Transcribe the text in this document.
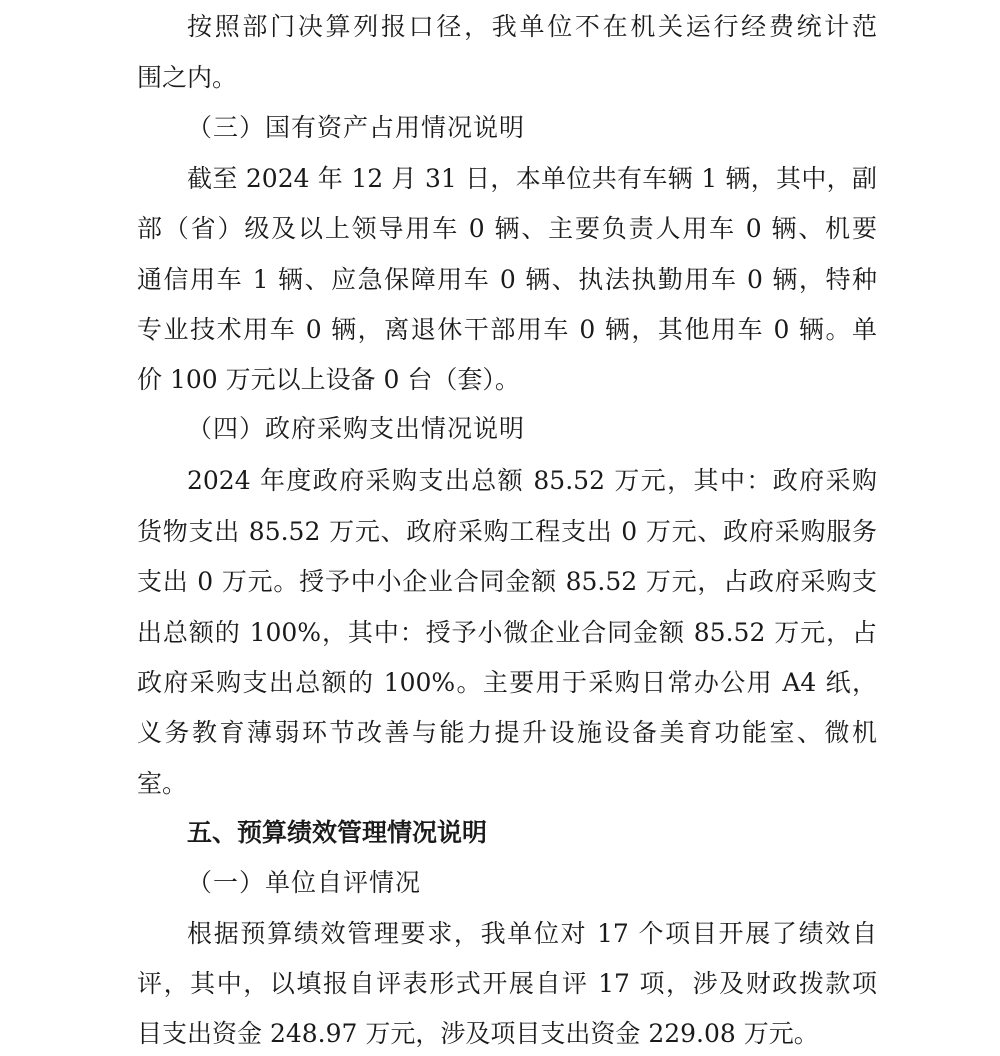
按照部门决算列报口径，我单位不在机关运行经费统计范
围之内。
（三）国有资产占用情况说明
截至 2024 年 12 月 31 日，本单位共有车辆 1 辆，其中，副
部（省）级及以上领导用车 0 辆、主要负责人用车 0 辆、机要
通信用车 1 辆、应急保障用车 0 辆、执法执勤用车 0 辆，特种
专业技术用车 0 辆，离退休干部用车 0 辆，其他用车 0 辆。单
价 100 万元以上设备 0 台（套）。
（四）政府采购支出情况说明
2024 年度政府采购支出总额 85.52 万元，其中：政府采购
货物支出 85.52 万元、政府采购工程支出 0 万元、政府采购服务
支出 0 万元。授予中小企业合同金额 85.52 万元，占政府采购支
出总额的 100%，其中：授予小微企业合同金额 85.52 万元，占
政府采购支出总额的 100%。主要用于采购日常办公用 A4 纸，
义务教育薄弱环节改善与能力提升设施设备美育功能室、微机
室。
五、预算绩效管理情况说明
（一）单位自评情况
根据预算绩效管理要求，我单位对 17 个项目开展了绩效自
评，其中，以填报自评表形式开展自评 17 项，涉及财政拨款项
目支出资金 248.97 万元，涉及项目支出资金 229.08 万元。
